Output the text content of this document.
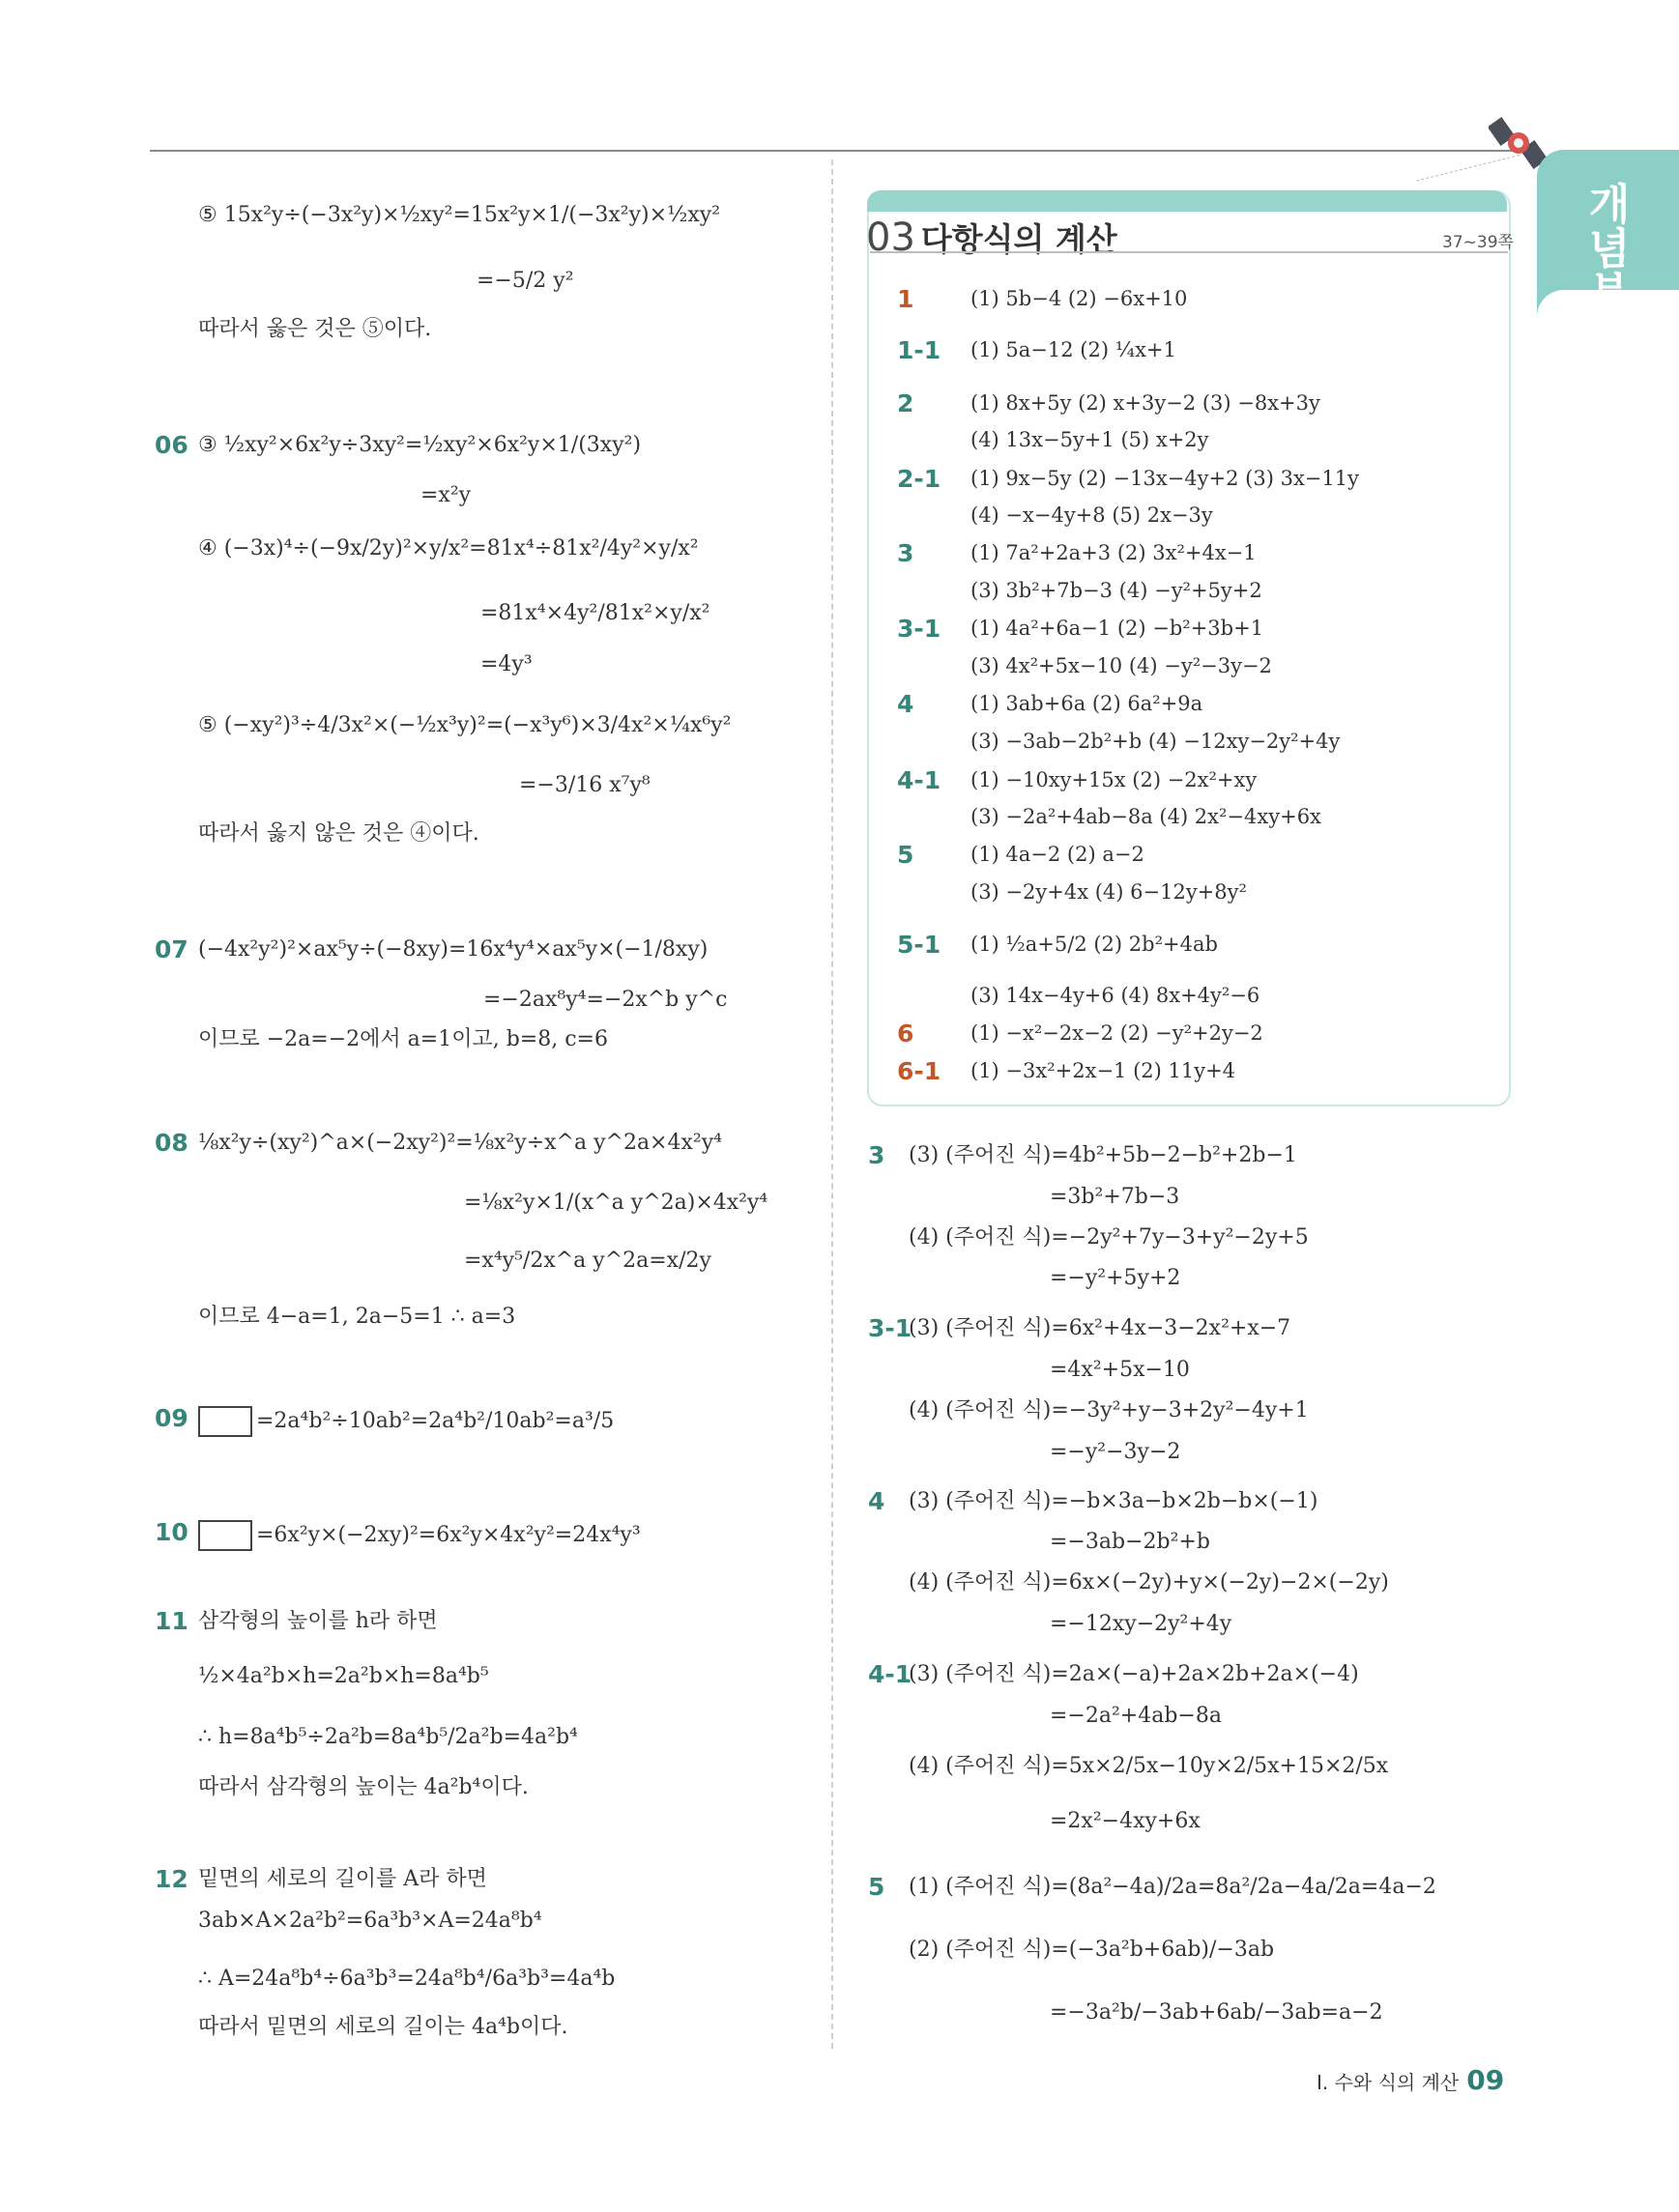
개념북
정답 및 풀이
03 다항식의 계산	37~39쪽
⑤ 15x²y÷(−3x²y)×½xy²=15x²y×1/(−3x²y)×½xy²
=−5/2 y²
따라서 옳은 것은 ⑤이다.
06 ③ ½xy²×6x²y÷3xy²=½xy²×6x²y×1/(3xy²)
=x²y
④ (−3x)⁴÷(−9x/2y)²×y/x²=81x⁴÷81x²/4y²×y/x²
=81x⁴×4y²/81x²×y/x²
=4y³
⑤ (−xy²)³÷4/3x²×(−½x³y)²=(−x³y⁶)×3/4x²×¼x⁶y²
=−3/16 x⁷y⁸
따라서 옳지 않은 것은 ④이다.
07 (−4x²y²)²×ax⁵y÷(−8xy)=16x⁴y⁴×ax⁵y×(−1/8xy)
=−2ax⁸y⁴=−2x^b y^c
이므로 −2a=−2에서 a=1이고, b=8, c=6
08 ⅛x²y÷(xy²)^a×(−2xy²)²=⅛x²y÷x^a y^2a×4x²y⁴
=⅛x²y×1/(x^a y^2a)×4x²y⁴
=x⁴y⁵/2x^a y^2a=x/2y
이므로 4−a=1, 2a−5=1 ∴ a=3
09	=2a⁴b²÷10ab²=2a⁴b²/10ab²=a³/5
10	=6x²y×(−2xy)²=6x²y×4x²y²=24x⁴y³
11 삼각형의 높이를 h라 하면
½×4a²b×h=2a²b×h=8a⁴b⁵
∴ h=8a⁴b⁵÷2a²b=8a⁴b⁵/2a²b=4a²b⁴
따라서 삼각형의 높이는 4a²b⁴이다.
12 밑면의 세로의 길이를 A라 하면
3ab×A×2a²b²=6a³b³×A=24a⁸b⁴
∴ A=24a⁸b⁴÷6a³b³=24a⁸b⁴/6a³b³=4a⁴b
따라서 밑면의 세로의 길이는 4a⁴b이다.
1	(1) 5b−4 (2) −6x+10
1-1 (1) 5a−12 (2) ¼x+1
2	(1) 8x+5y (2) x+3y−2 (3) −8x+3y
(4) 13x−5y+1 (5) x+2y
2-1 (1) 9x−5y (2) −13x−4y+2 (3) 3x−11y
(4) −x−4y+8 (5) 2x−3y
3	(1) 7a²+2a+3 (2) 3x²+4x−1
(3) 3b²+7b−3 (4) −y²+5y+2
3-1 (1) 4a²+6a−1 (2) −b²+3b+1
(3) 4x²+5x−10 (4) −y²−3y−2
4	(1) 3ab+6a (2) 6a²+9a
(3) −3ab−2b²+b (4) −12xy−2y²+4y
4-1 (1) −10xy+15x (2) −2x²+xy
(3) −2a²+4ab−8a (4) 2x²−4xy+6x
5	(1) 4a−2 (2) a−2
(3) −2y+4x (4) 6−12y+8y²
5-1 (1) ½a+5/2 (2) 2b²+4ab
(3) 14x−4y+6 (4) 8x+4y²−6
6	(1) −x²−2x−2 (2) −y²+2y−2
6-1 (1) −3x²+2x−1 (2) 11y+4
3 (3) (주어진 식)=4b²+5b−2−b²+2b−1
=3b²+7b−3
(4) (주어진 식)=−2y²+7y−3+y²−2y+5
=−y²+5y+2
3-1
(3) (주어진 식)=6x²+4x−3−2x²+x−7
=4x²+5x−10
(4) (주어진 식)=−3y²+y−3+2y²−4y+1
=−y²−3y−2
4 (3) (주어진 식)=−b×3a−b×2b−b×(−1)
=−3ab−2b²+b
(4) (주어진 식)=6x×(−2y)+y×(−2y)−2×(−2y)
=−12xy−2y²+4y
4-1
(3) (주어진 식)=2a×(−a)+2a×2b+2a×(−4)
=−2a²+4ab−8a
(4) (주어진 식)=5x×2/5x−10y×2/5x+15×2/5x
=2x²−4xy+6x
5 (1) (주어진 식)=(8a²−4a)/2a=8a²/2a−4a/2a=4a−2
(2) (주어진 식)=(−3a²b+6ab)/−3ab
=−3a²b/−3ab+6ab/−3ab=a−2
Ⅰ. 수와 식의 계산 09
